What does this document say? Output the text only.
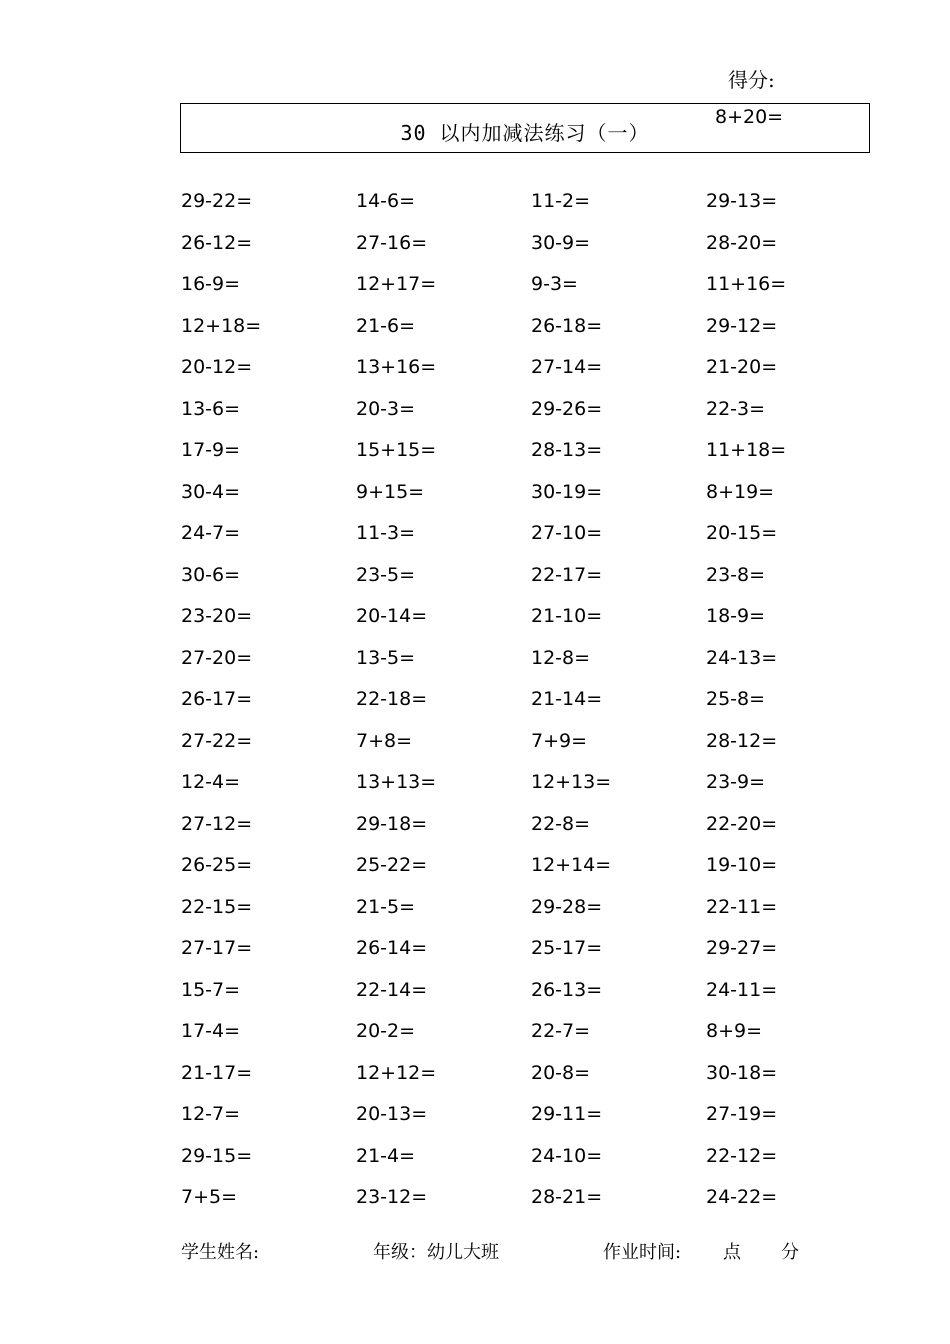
得分:
30 以内加减法练习（一）
8+20=
29-22=	14-6=	11-2=	29-13=
26-12=	27-16=	30-9=	28-20=
16-9=	12+17=	9-3=	11+16=
12+18=	21-6=	26-18=	29-12=
20-12=	13+16=	27-14=	21-20=
13-6=	20-3=	29-26=	22-3=
17-9=	15+15=	28-13=	11+18=
30-4=	9+15=	30-19=	8+19=
24-7=	11-3=	27-10=	20-15=
30-6=	23-5=	22-17=	23-8=
23-20=	20-14=	21-10=	18-9=
27-20=	13-5=	12-8=	24-13=
26-17=	22-18=	21-14=	25-8=
27-22=	7+8=	7+9=	28-12=
12-4=	13+13=	12+13=	23-9=
27-12=	29-18=	22-8=	22-20=
26-25=	25-22=	12+14=	19-10=
22-15=	21-5=	29-28=	22-11=
27-17=	26-14=	25-17=	29-27=
15-7=	22-14=	26-13=	24-11=
17-4=	20-2=	22-7=	8+9=
21-17=	12+12=	20-8=	30-18=
12-7=	20-13=	29-11=	27-19=
29-15=	21-4=	24-10=	22-12=
7+5=	23-12=	28-21=	24-22=
学生姓名:	年级：幼儿大班	作业时间: 点 分
